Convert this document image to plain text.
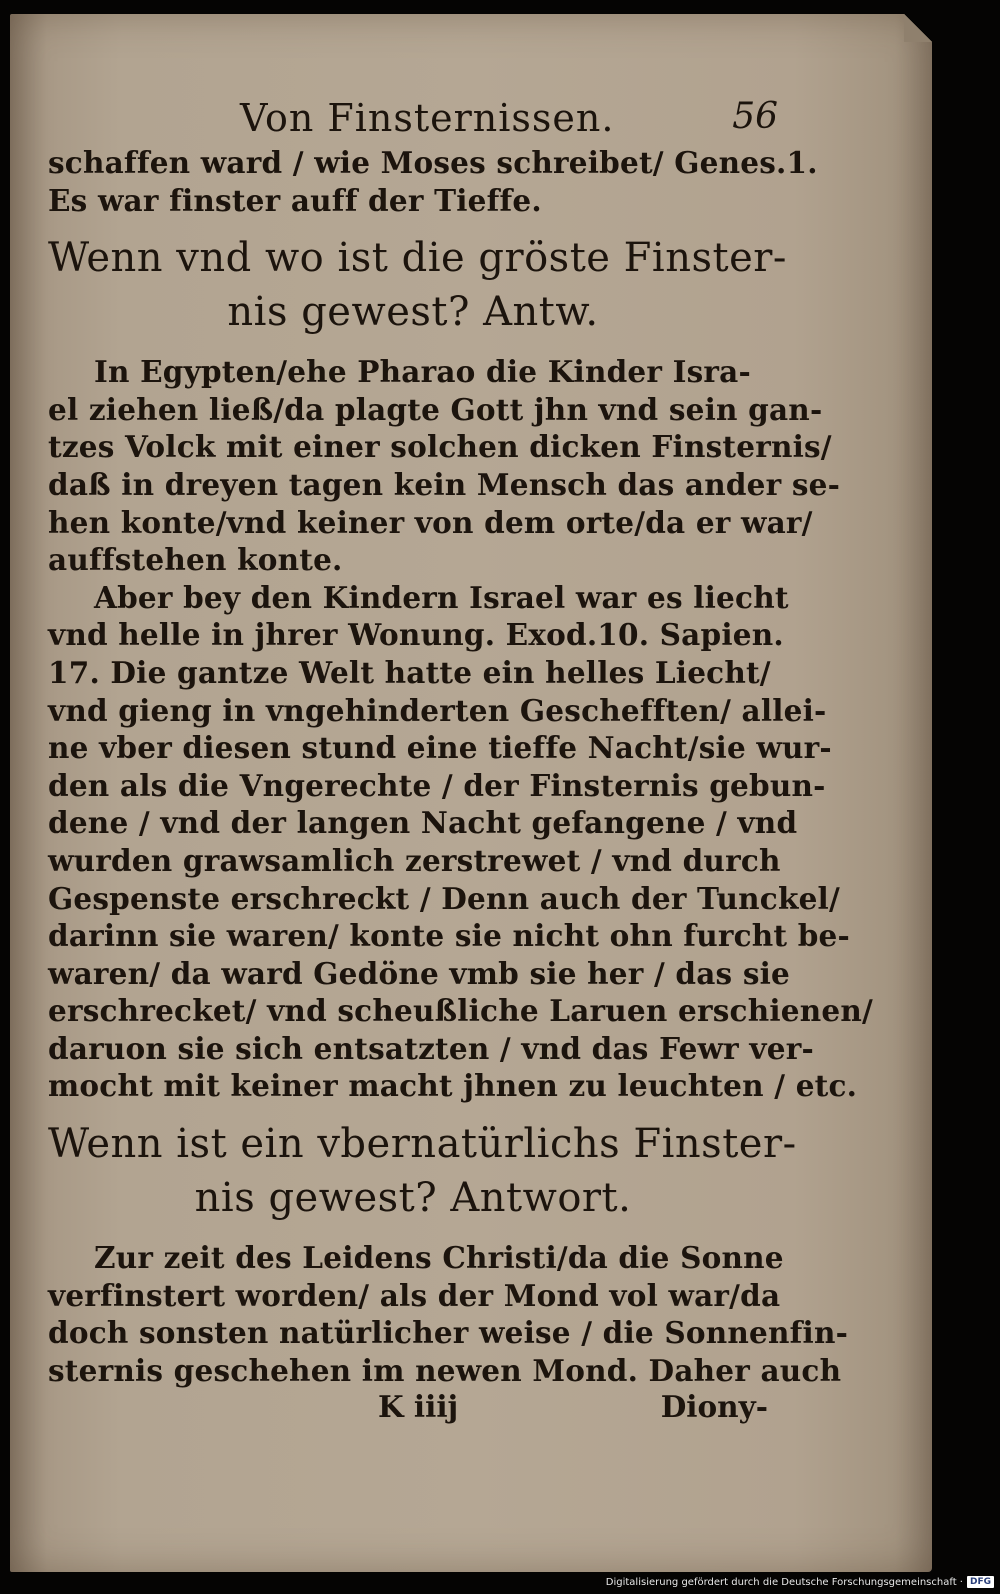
Von Finsternissen.	56
schaffen ward / wie Moses schreibet/ Genes.1.
Es war finster auff der Tieffe.
Wenn vnd wo ist die gröste Finster-
nis gewest? Antw.
In Egypten/ehe Pharao die Kinder Isra-
el ziehen ließ/da plagte Gott jhn vnd sein gan-
tzes Volck mit einer solchen dicken Finsternis/
daß in dreyen tagen kein Mensch das ander se-
hen konte/vnd keiner von dem orte/da er war/
auffstehen konte.
Aber bey den Kindern Israel war es liecht
vnd helle in jhrer Wonung. Exod.10. Sapien.
17. Die gantze Welt hatte ein helles Liecht/
vnd gieng in vngehinderten Geschefften/ allei-
ne vber diesen stund eine tieffe Nacht/sie wur-
den als die Vngerechte / der Finsternis gebun-
dene / vnd der langen Nacht gefangene / vnd
wurden grawsamlich zerstrewet / vnd durch
Gespenste erschreckt / Denn auch der Tunckel/
darinn sie waren/ konte sie nicht ohn furcht be-
waren/ da ward Gedöne vmb sie her / das sie
erschrecket/ vnd scheußliche Laruen erschienen/
daruon sie sich entsatzten / vnd das Fewr ver-
mocht mit keiner macht jhnen zu leuchten / etc.
Wenn ist ein vbernatürlichs Finster-
nis gewest? Antwort.
Zur zeit des Leidens Christi/da die Sonne
verfinstert worden/ als der Mond vol war/da
doch sonsten natürlicher weise / die Sonnenfin-
sternis geschehen im newen Mond. Daher auch
K iiij	Diony-
Digitalisierung gefördert durch die Deutsche Forschungsgemeinschaft · DFG
